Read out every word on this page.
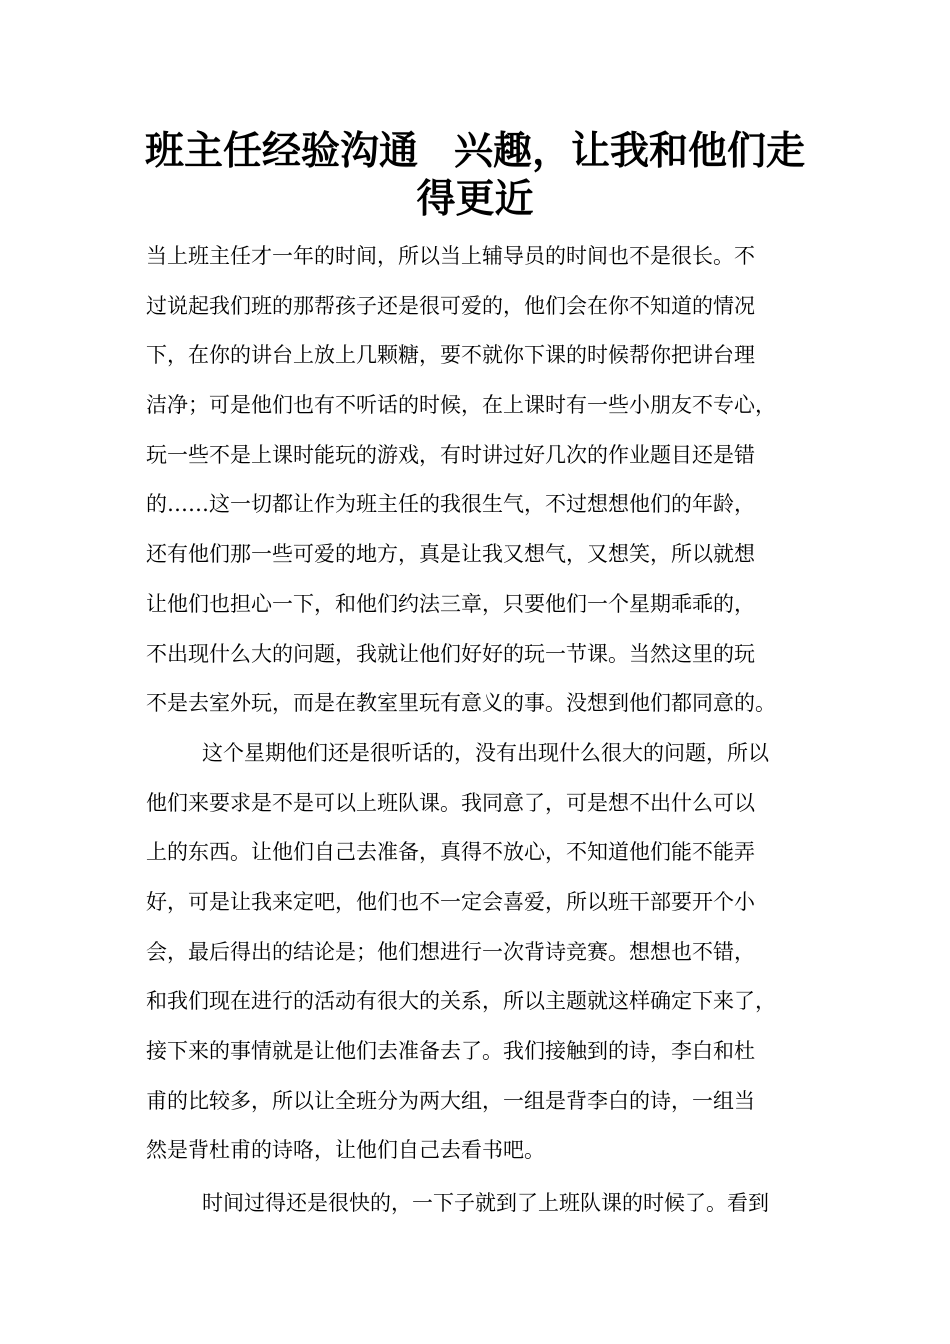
班主任经验沟通 兴趣，让我和他们走
得更近
当上班主任才一年的时间，所以当上辅导员的时间也不是很长。不
过说起我们班的那帮孩子还是很可爱的，他们会在你不知道的情况
下，在你的讲台上放上几颗糖，要不就你下课的时候帮你把讲台理
洁净；可是他们也有不听话的时候，在上课时有一些小朋友不专心，
玩一些不是上课时能玩的游戏，有时讲过好几次的作业题目还是错
的……这一切都让作为班主任的我很生气，不过想想他们的年龄，
还有他们那一些可爱的地方，真是让我又想气，又想笑，所以就想
让他们也担心一下，和他们约法三章，只要他们一个星期乖乖的，
不出现什么大的问题，我就让他们好好的玩一节课。当然这里的玩
不是去室外玩，而是在教室里玩有意义的事。没想到他们都同意的。
这个星期他们还是很听话的，没有出现什么很大的问题，所以
他们来要求是不是可以上班队课。我同意了，可是想不出什么可以
上的东西。让他们自己去准备，真得不放心，不知道他们能不能弄
好，可是让我来定吧，他们也不一定会喜爱，所以班干部要开个小
会，最后得出的结论是；他们想进行一次背诗竞赛。想想也不错，
和我们现在进行的活动有很大的关系，所以主题就这样确定下来了，
接下来的事情就是让他们去准备去了。我们接触到的诗，李白和杜
甫的比较多，所以让全班分为两大组，一组是背李白的诗，一组当
然是背杜甫的诗咯，让他们自己去看书吧。
时间过得还是很快的，一下子就到了上班队课的时候了。看到
